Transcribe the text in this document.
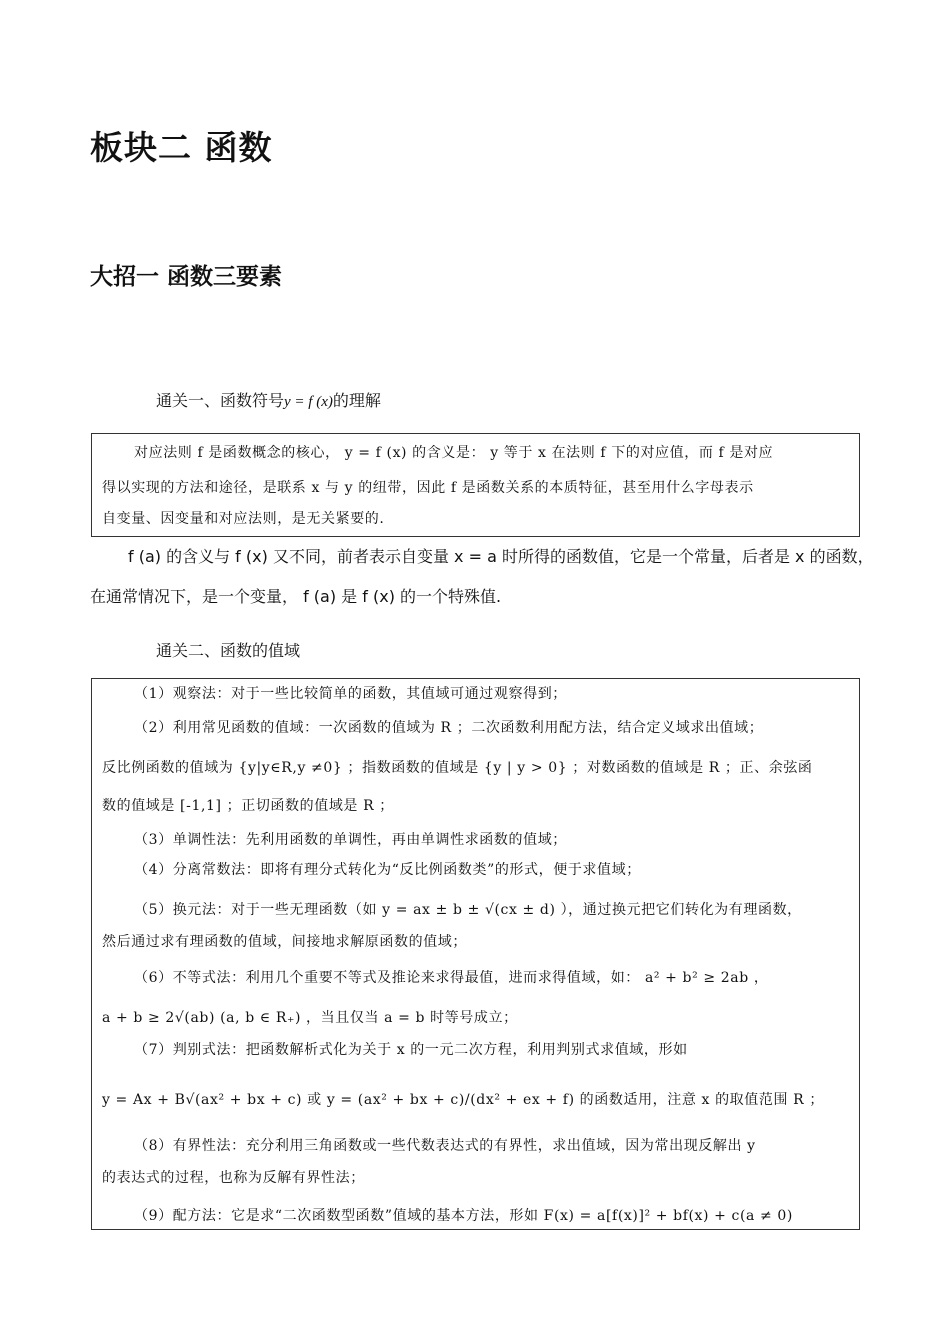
板块二 函数
大招一 函数三要素
通关一、函数符号y = f (x)的理解
对应法则 f 是函数概念的核心， y = f (x) 的含义是： y 等于 x 在法则 f 下的对应值，而 f 是对应
得以实现的方法和途径，是联系 x 与 y 的纽带，因此 f 是函数关系的本质特征，甚至用什么字母表示
自变量、因变量和对应法则，是无关紧要的.
f (a) 的含义与 f (x) 又不同，前者表示自变量 x = a 时所得的函数值，它是一个常量，后者是 x 的函数，
在通常情况下，是一个变量， f (a) 是 f (x) 的一个特殊值.
通关二、函数的值域
（1）观察法：对于一些比较简单的函数，其值域可通过观察得到；
（2）利用常见函数的值域：一次函数的值域为 R ；二次函数利用配方法，结合定义域求出值域；
反比例函数的值域为 {y|y∈R,y ≠0} ；指数函数的值域是 {y | y > 0} ；对数函数的值域是 R ；正、余弦函
数的值域是 [-1,1] ；正切函数的值域是 R ；
（3）单调性法：先利用函数的单调性，再由单调性求函数的值域；
（4）分离常数法：即将有理分式转化为“反比例函数类”的形式，便于求值域；
（5）换元法：对于一些无理函数（如 y = ax ± b ± √(cx ± d) ），通过换元把它们转化为有理函数，
然后通过求有理函数的值域，间接地求解原函数的值域；
（6）不等式法：利用几个重要不等式及推论来求得最值，进而求得值域，如： a² + b² ≥ 2ab ，
a + b ≥ 2√(ab) (a, b ∈ R₊) ，当且仅当 a = b 时等号成立；
（7）判别式法：把函数解析式化为关于 x 的一元二次方程，利用判别式求值域，形如
y = Ax + B√(ax² + bx + c) 或 y = (ax² + bx + c)/(dx² + ex + f) 的函数适用，注意 x 的取值范围 R ；
（8）有界性法：充分利用三角函数或一些代数表达式的有界性，求出值域，因为常出现反解出 y
的表达式的过程，也称为反解有界性法；
（9）配方法：它是求“二次函数型函数”值域的基本方法，形如 F(x) = a[f(x)]² + bf(x) + c(a ≠ 0)
